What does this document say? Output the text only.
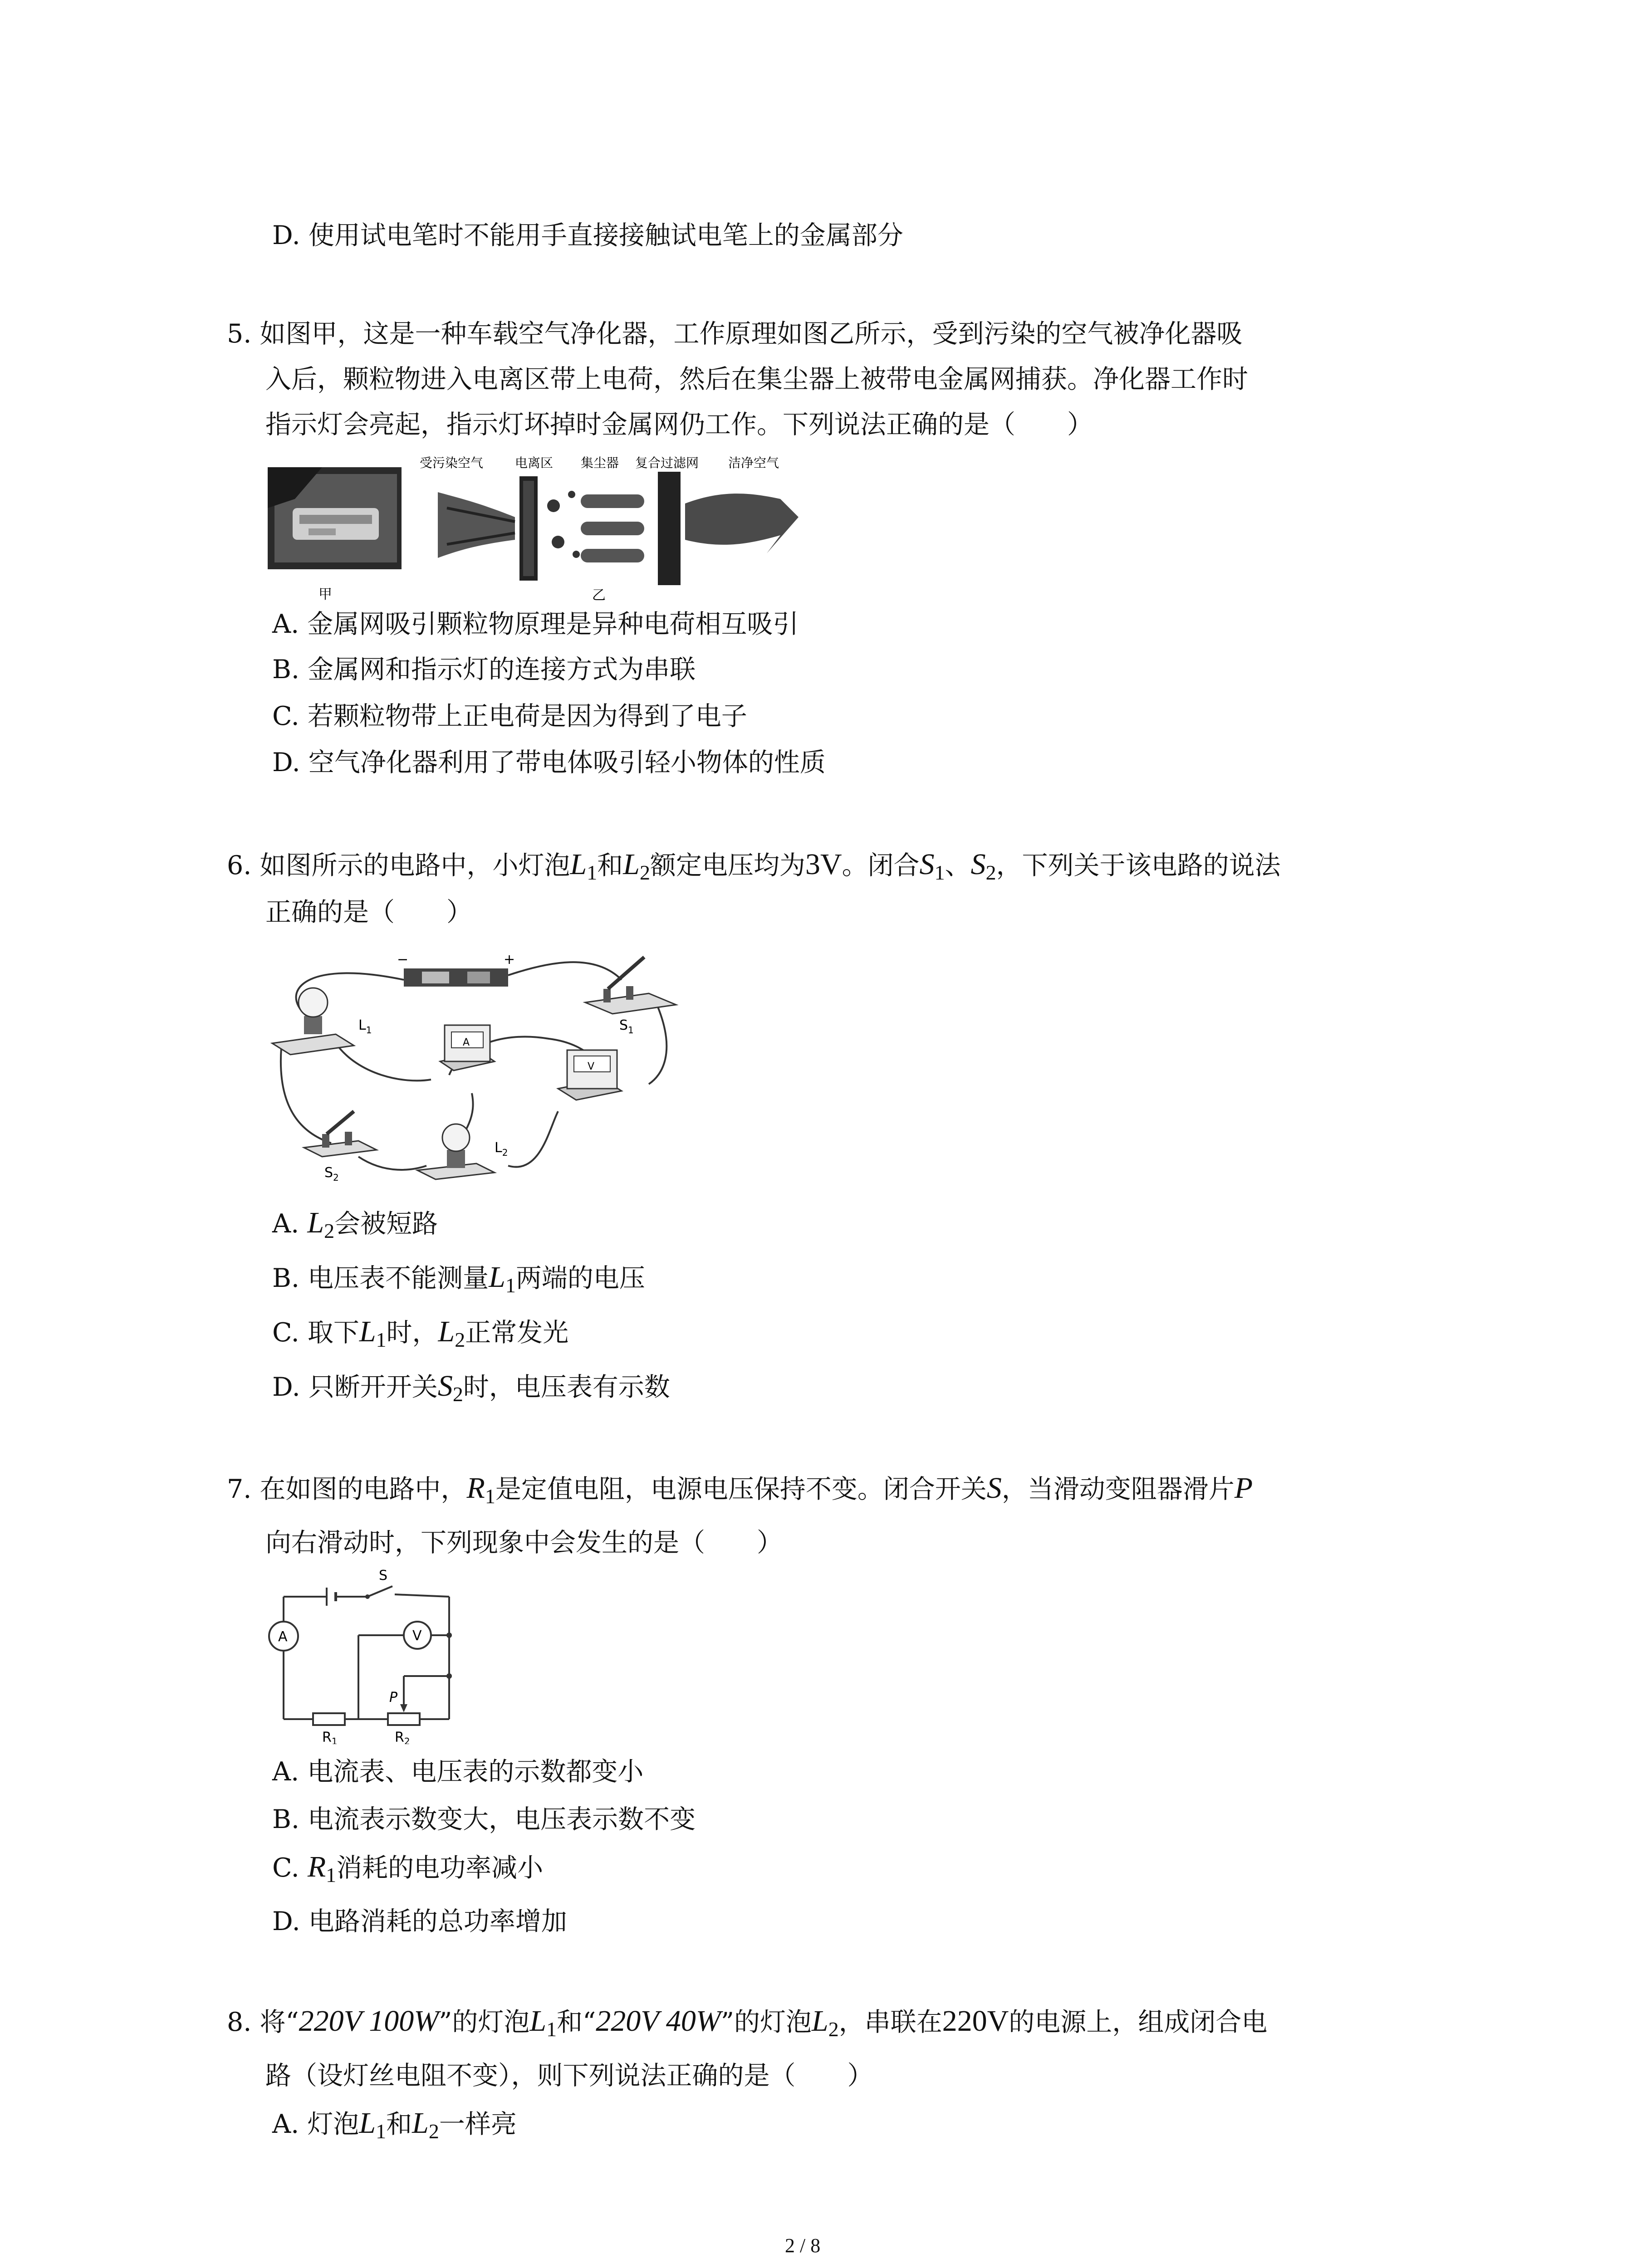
D. 使用试电笔时不能用手直接接触试电笔上的金属部分
5. 如图甲，这是一种车载空气净化器，工作原理如图乙所示，受到污染的空气被净化器吸
入后，颗粒物进入电离区带上电荷，然后在集尘器上被带电金属网捕获。净化器工作时
指示灯会亮起，指示灯坏掉时金属网仍工作。下列说法正确的是（　　）
受污染空气 电离区 集尘器 复合过滤网 洁净空气
甲	乙
A. 金属网吸引颗粒物原理是异种电荷相互吸引
B. 金属网和指示灯的连接方式为串联
C. 若颗粒物带上正电荷是因为得到了电子
D. 空气净化器利用了带电体吸引轻小物体的性质
6. 如图所示的电路中，小灯泡$L_1$和$L_2$额定电压均为3V。闭合$S_1$、$S_2$，下列关于该电路的说法
正确的是（　　）
−	+
$S_1$
$L_1$
A
V
$S_2$
$L_2$
A. $L_2$会被短路
B. 电压表不能测量$L_1$两端的电压
C. 取下$L_1$时，$L_2$正常发光
D. 只断开开关$S_2$时，电压表有示数
7. 在如图的电路中，$R_1$是定值电阻，电源电压保持不变。闭合开关S，当滑动变阻器滑片P
向右滑动时，下列现象中会发生的是（　　）
S
A	V
$R_1$
P
$R_2$
A. 电流表、电压表的示数都变小
B. 电流表示数变大，电压表示数不变
C. $R_1$消耗的电功率减小
D. 电路消耗的总功率增加
8. 将“220V 100W”的灯泡$L_1$和“220V 40W”的灯泡$L_2$，串联在220V的电源上，组成闭合电
路（设灯丝电阻不变），则下列说法正确的是（　　）
A. 灯泡$L_1$和$L_2$一样亮
2 / 8
